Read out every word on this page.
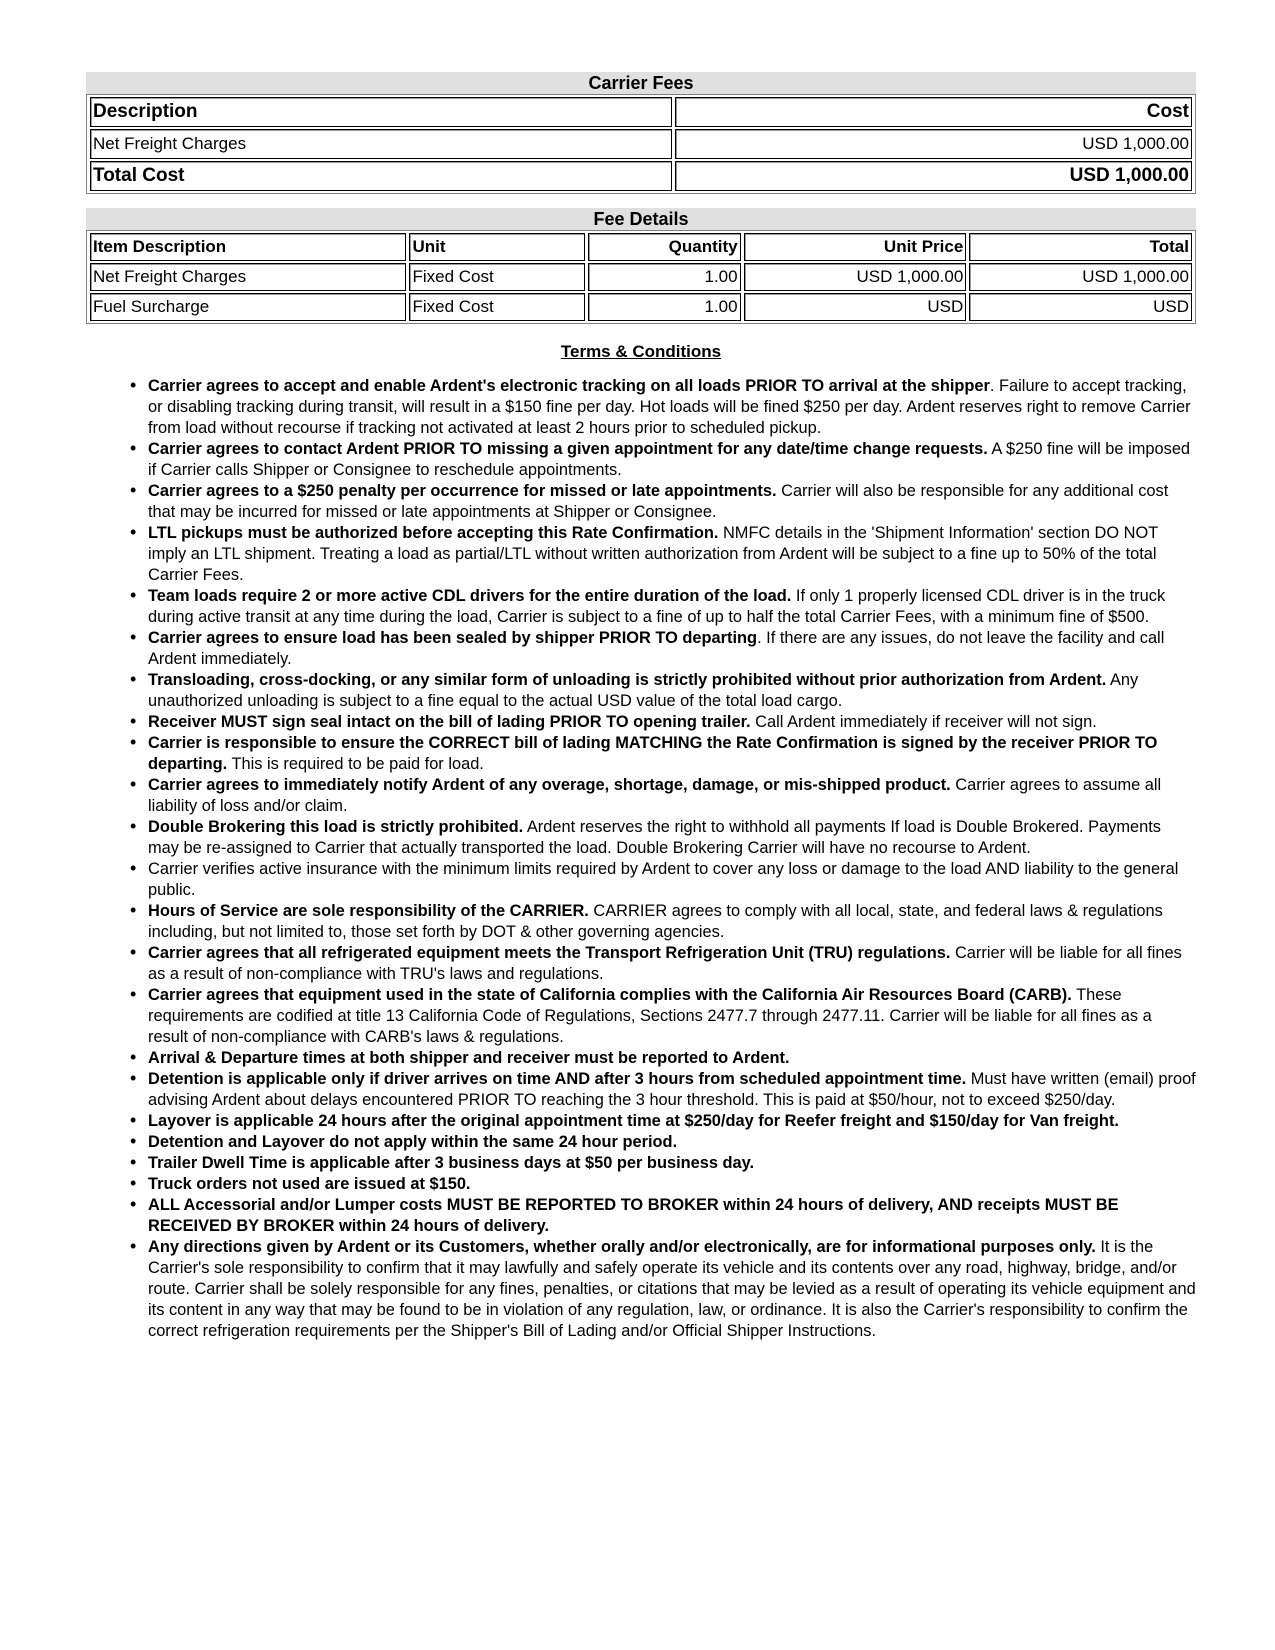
Carrier Fees
Description	Cost
Net Freight Charges	USD 1,000.00
Total Cost	USD 1,000.00
Fee Details
Item Description	Unit	Quantity	Unit Price	Total
Net Freight Charges	Fixed Cost	1.00	USD 1,000.00	USD 1,000.00
Fuel Surcharge	Fixed Cost	1.00	USD	USD
Terms & Conditions
• Carrier agrees to accept and enable Ardent's electronic tracking on all loads PRIOR TO arrival at the shipper. Failure to accept tracking, or disabling tracking during transit, will result in a $150 fine per day. Hot loads will be fined $250 per day. Ardent reserves right to remove Carrier from load without recourse if tracking not activated at least 2 hours prior to scheduled pickup.
• Carrier agrees to contact Ardent PRIOR TO missing a given appointment for any date/time change requests. A $250 fine will be imposed if Carrier calls Shipper or Consignee to reschedule appointments.
• Carrier agrees to a $250 penalty per occurrence for missed or late appointments. Carrier will also be responsible for any additional cost that may be incurred for missed or late appointments at Shipper or Consignee.
• LTL pickups must be authorized before accepting this Rate Confirmation. NMFC details in the 'Shipment Information' section DO NOT imply an LTL shipment. Treating a load as partial/LTL without written authorization from Ardent will be subject to a fine up to 50% of the total Carrier Fees.
• Team loads require 2 or more active CDL drivers for the entire duration of the load. If only 1 properly licensed CDL driver is in the truck during active transit at any time during the load, Carrier is subject to a fine of up to half the total Carrier Fees, with a minimum fine of $500.
• Carrier agrees to ensure load has been sealed by shipper PRIOR TO departing. If there are any issues, do not leave the facility and call Ardent immediately.
• Transloading, cross-docking, or any similar form of unloading is strictly prohibited without prior authorization from Ardent. Any unauthorized unloading is subject to a fine equal to the actual USD value of the total load cargo.
• Receiver MUST sign seal intact on the bill of lading PRIOR TO opening trailer. Call Ardent immediately if receiver will not sign.
• Carrier is responsible to ensure the CORRECT bill of lading MATCHING the Rate Confirmation is signed by the receiver PRIOR TO departing. This is required to be paid for load.
• Carrier agrees to immediately notify Ardent of any overage, shortage, damage, or mis-shipped product. Carrier agrees to assume all liability of loss and/or claim.
• Double Brokering this load is strictly prohibited. Ardent reserves the right to withhold all payments If load is Double Brokered. Payments may be re-assigned to Carrier that actually transported the load. Double Brokering Carrier will have no recourse to Ardent.
• Carrier verifies active insurance with the minimum limits required by Ardent to cover any loss or damage to the load AND liability to the general public.
• Hours of Service are sole responsibility of the CARRIER. CARRIER agrees to comply with all local, state, and federal laws & regulations including, but not limited to, those set forth by DOT & other governing agencies.
• Carrier agrees that all refrigerated equipment meets the Transport Refrigeration Unit (TRU) regulations. Carrier will be liable for all fines as a result of non-compliance with TRU's laws and regulations.
• Carrier agrees that equipment used in the state of California complies with the California Air Resources Board (CARB). These requirements are codified at title 13 California Code of Regulations, Sections 2477.7 through 2477.11. Carrier will be liable for all fines as a result of non-compliance with CARB's laws & regulations.
• Arrival & Departure times at both shipper and receiver must be reported to Ardent.
• Detention is applicable only if driver arrives on time AND after 3 hours from scheduled appointment time. Must have written (email) proof advising Ardent about delays encountered PRIOR TO reaching the 3 hour threshold. This is paid at $50/hour, not to exceed $250/day.
• Layover is applicable 24 hours after the original appointment time at $250/day for Reefer freight and $150/day for Van freight.
• Detention and Layover do not apply within the same 24 hour period.
• Trailer Dwell Time is applicable after 3 business days at $50 per business day.
• Truck orders not used are issued at $150.
• ALL Accessorial and/or Lumper costs MUST BE REPORTED TO BROKER within 24 hours of delivery, AND receipts MUST BE RECEIVED BY BROKER within 24 hours of delivery.
• Any directions given by Ardent or its Customers, whether orally and/or electronically, are for informational purposes only. It is the Carrier's sole responsibility to confirm that it may lawfully and safely operate its vehicle and its contents over any road, highway, bridge, and/or route. Carrier shall be solely responsible for any fines, penalties, or citations that may be levied as a result of operating its vehicle equipment and its content in any way that may be found to be in violation of any regulation, law, or ordinance. It is also the Carrier's responsibility to confirm the correct refrigeration requirements per the Shipper's Bill of Lading and/or Official Shipper Instructions.
